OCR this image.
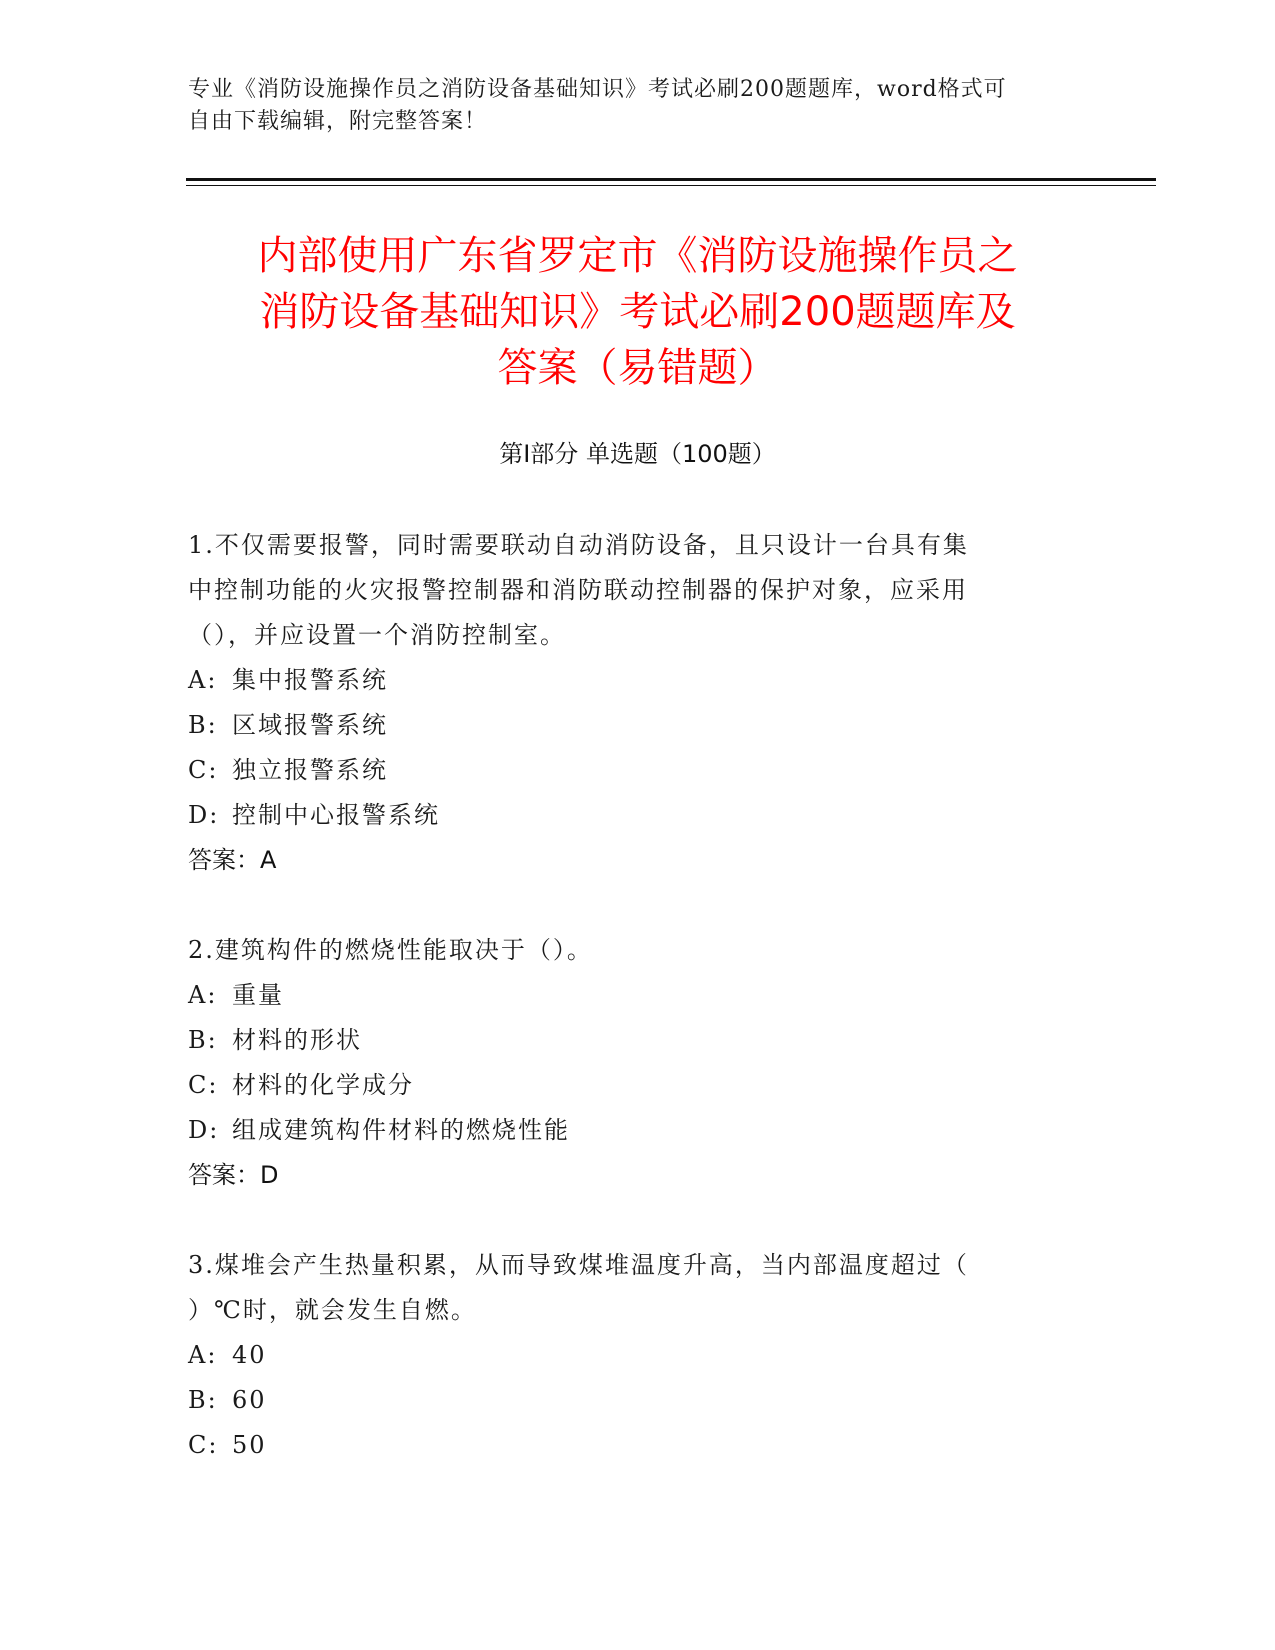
专业《消防设施操作员之消防设备基础知识》考试必刷200题题库，word格式可
自由下载编辑，附完整答案！
内部使用广东省罗定市《消防设施操作员之
消防设备基础知识》考试必刷200题题库及
答案（易错题）
第Ⅰ部分 单选题（100题）

1.不仅需要报警，同时需要联动自动消防设备，且只设计一台具有集

中控制功能的火灾报警控制器和消防联动控制器的保护对象，应采用

（），并应设置一个消防控制室。

A: 集中报警系统

B: 区域报警系统

C: 独立报警系统

D: 控制中心报警系统

答案：A

2.建筑构件的燃烧性能取决于（）。

A: 重量

B: 材料的形状

C: 材料的化学成分

D: 组成建筑构件材料的燃烧性能

答案：D

3.煤堆会产生热量积累，从而导致煤堆温度升高，当内部温度超过（

）℃时，就会发生自燃。

A: 40

B: 60

C: 50
